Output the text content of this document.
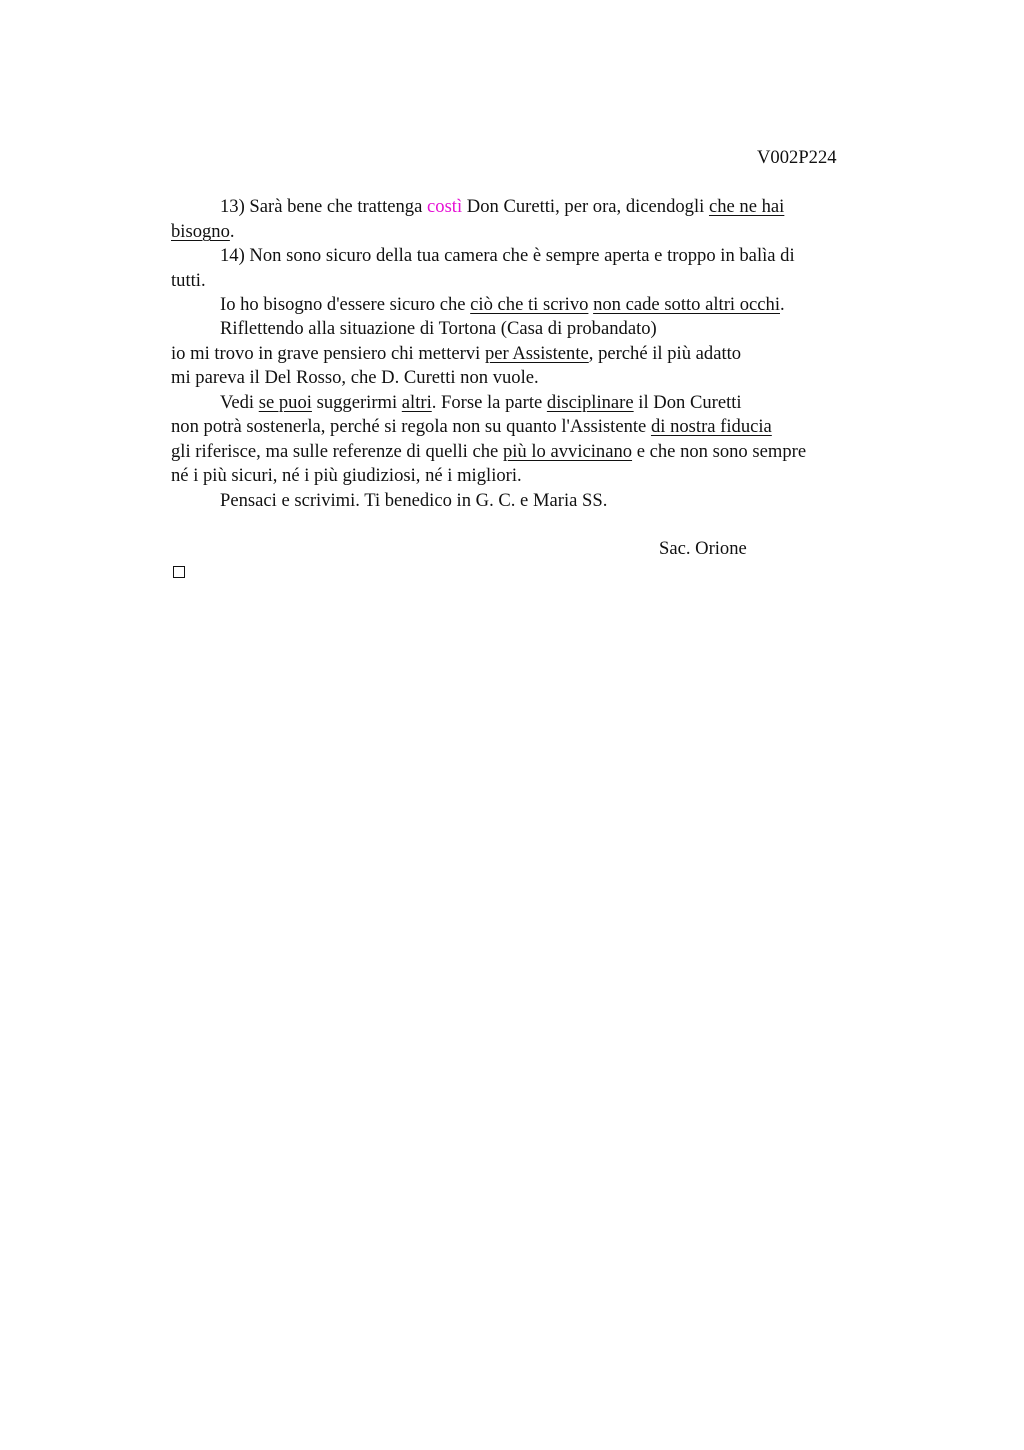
V002P224
13) Sarà bene che trattenga costì Don Curetti, per ora, dicendogli che ne hai
bisogno.
14) Non sono sicuro della tua camera che è sempre aperta e troppo in balìa di
tutti.
Io ho bisogno d'essere sicuro che ciò che ti scrivo non cade sotto altri occhi.
Riflettendo alla situazione di Tortona (Casa di probandato)
io mi trovo in grave pensiero chi mettervi per Assistente, perché il più adatto
mi pareva il Del Rosso, che D. Curetti non vuole.
Vedi se puoi suggerirmi altri. Forse la parte disciplinare il Don Curetti
non potrà sostenerla, perché si regola non su quanto l'Assistente di nostra fiducia
gli riferisce, ma sulle referenze di quelli che più lo avvicinano e che non sono sempre
né i più sicuri, né i più giudiziosi, né i migliori.
Pensaci e scrivimi. Ti benedico in G. C. e Maria SS.
Sac. Orione
